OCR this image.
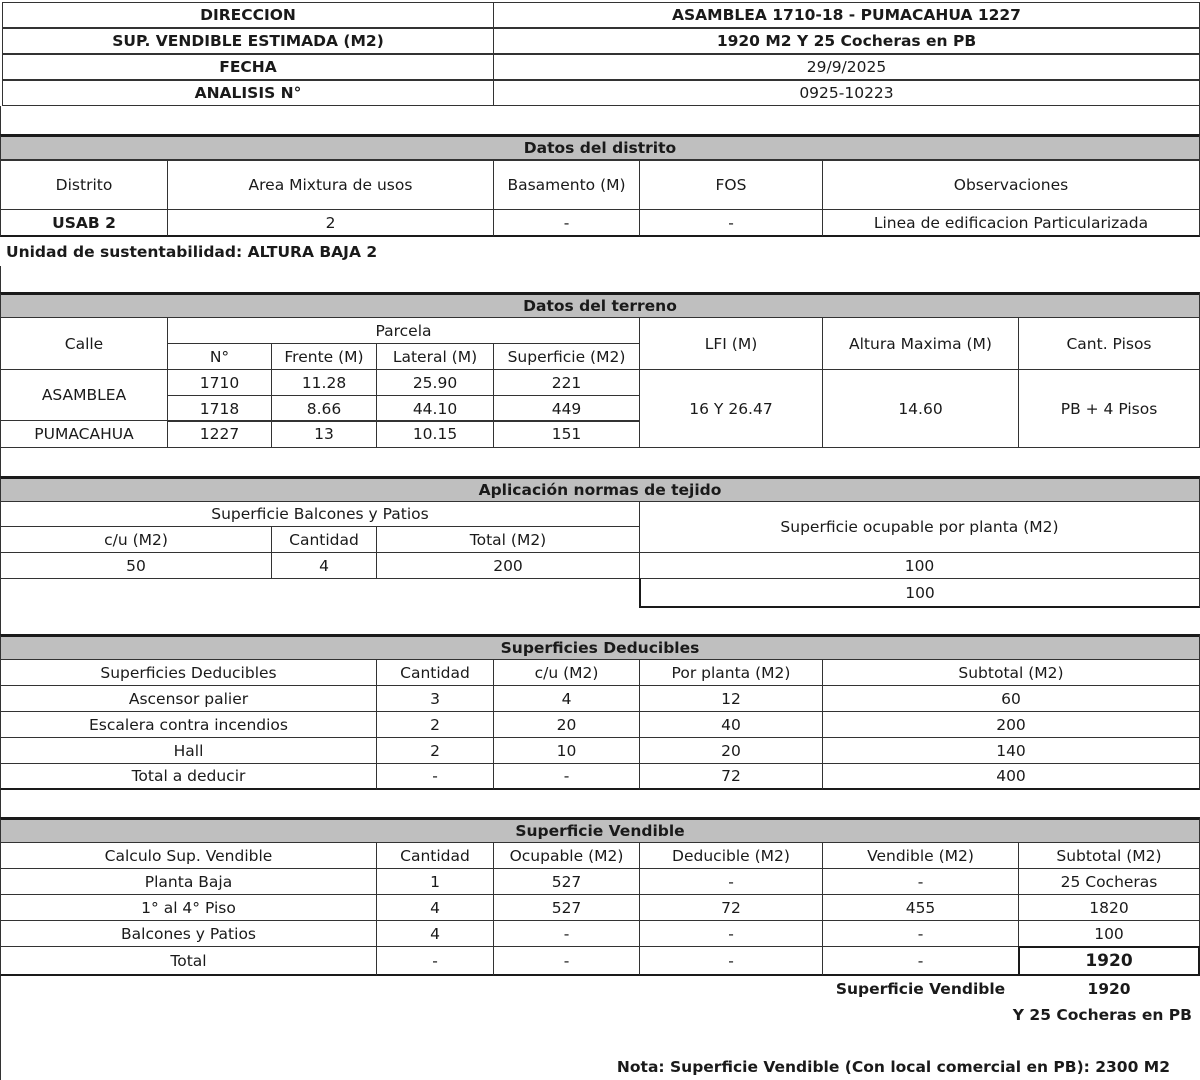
DIRECCION	ASAMBLEA 1710-18 - PUMACAHUA 1227
SUP. VENDIBLE ESTIMADA (M2)	1920 M2 Y 25 Cocheras en PB
FECHA	29/9/2025
ANALISIS N°	0925-10223
Datos del distrito
Distrito	Area Mixtura de usos	Basamento (M)	FOS	Observaciones
USAB 2	2	-	-	Linea de edificacion Particularizada
Unidad de sustentabilidad: ALTURA BAJA 2
Datos del terreno
Calle
Parcela
N°	Frente (M)	Lateral (M)	Superficie (M2)
LFI (M)	Altura Maxima (M)	Cant. Pisos
ASAMBLEA
1710	11.28	25.90	221
1718	8.66	44.10	449
PUMACAHUA	1227	13	10.15	151
16 Y 26.47	14.60	PB + 4 Pisos
Aplicación normas de tejido
Superficie Balcones y Patios
Superficie ocupable por planta (M2)
c/u (M2)	Cantidad	Total (M2)
50	4	200	100
100
Superficies Deducibles
Superficies Deducibles	Cantidad	c/u (M2)	Por planta (M2)	Subtotal (M2)
Ascensor palier	3	4	12	60
Escalera contra incendios	2	20	40	200
Hall	2	10	20	140
Total a deducir	-	-	72	400
Superficie Vendible
Calculo Sup. Vendible	Cantidad	Ocupable (M2)	Deducible (M2)	Vendible (M2)	Subtotal (M2)
Planta Baja	1	527	-	-	25 Cocheras
1° al 4° Piso	4	527	72	455	1820
Balcones y Patios	4	-	-	-	100
Total	-	-	-	-	1920
Superficie Vendible	1920
Y 25 Cocheras en PB
Nota: Superficie Vendible (Con local comercial en PB): 2300 M2
